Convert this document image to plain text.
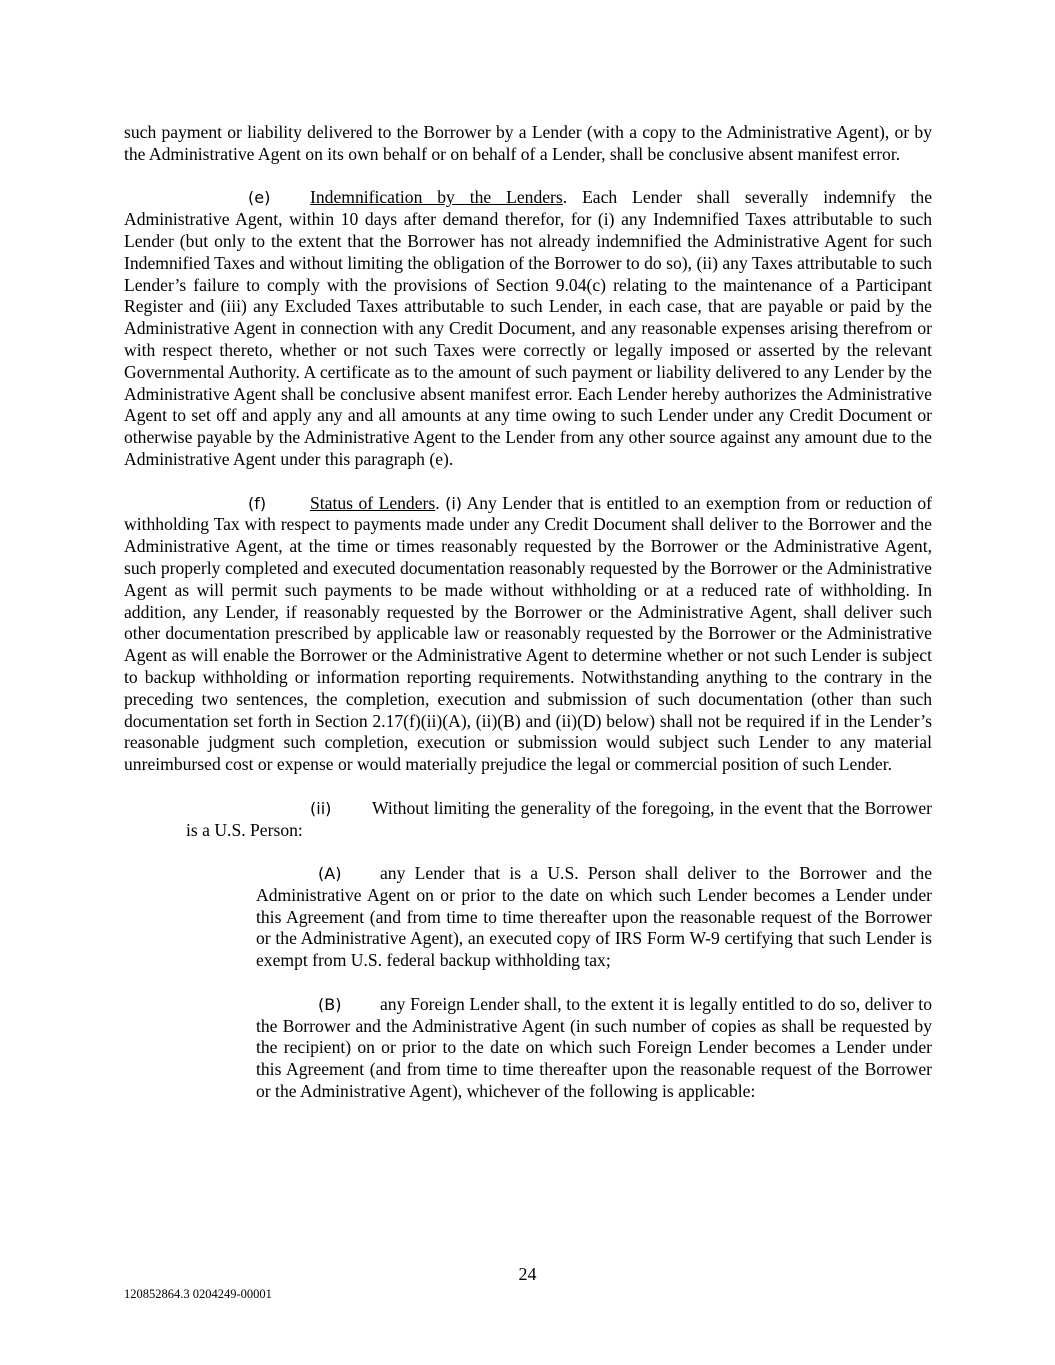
such payment or liability delivered to the Borrower by a Lender (with a copy to the Administrative Agent), or by the Administrative Agent on its own behalf or on behalf of a Lender, shall be conclusive absent manifest error.

(e) Indemnification by the Lenders. Each Lender shall severally indemnify the Administrative Agent, within 10 days after demand therefor, for (i) any Indemnified Taxes attributable to such Lender (but only to the extent that the Borrower has not already indemnified the Administrative Agent for such Indemnified Taxes and without limiting the obligation of the Borrower to do so), (ii) any Taxes attributable to such Lender’s failure to comply with the provisions of Section 9.04(c) relating to the maintenance of a Participant Register and (iii) any Excluded Taxes attributable to such Lender, in each case, that are payable or paid by the Administrative Agent in connection with any Credit Document, and any reasonable expenses arising therefrom or with respect thereto, whether or not such Taxes were correctly or legally imposed or asserted by the relevant Governmental Authority. A certificate as to the amount of such payment or liability delivered to any Lender by the Administrative Agent shall be conclusive absent manifest error. Each Lender hereby authorizes the Administrative Agent to set off and apply any and all amounts at any time owing to such Lender under any Credit Document or otherwise payable by the Administrative Agent to the Lender from any other source against any amount due to the Administrative Agent under this paragraph (e).

(f) Status of Lenders. (i) Any Lender that is entitled to an exemption from or reduction of withholding Tax with respect to payments made under any Credit Document shall deliver to the Borrower and the Administrative Agent, at the time or times reasonably requested by the Borrower or the Administrative Agent, such properly completed and executed documentation reasonably requested by the Borrower or the Administrative Agent as will permit such payments to be made without withholding or at a reduced rate of withholding. In addition, any Lender, if reasonably requested by the Borrower or the Administrative Agent, shall deliver such other documentation prescribed by applicable law or reasonably requested by the Borrower or the Administrative Agent as will enable the Borrower or the Administrative Agent to determine whether or not such Lender is subject to backup withholding or information reporting requirements. Notwithstanding anything to the contrary in the preceding two sentences, the completion, execution and submission of such documentation (other than such documentation set forth in Section 2.17(f)(ii)(A), (ii)(B) and (ii)(D) below) shall not be required if in the Lender’s reasonable judgment such completion, execution or submission would subject such Lender to any material unreimbursed cost or expense or would materially prejudice the legal or commercial position of such Lender.

(ii) Without limiting the generality of the foregoing, in the event that the Borrower is a U.S. Person:

(A) any Lender that is a U.S. Person shall deliver to the Borrower and the Administrative Agent on or prior to the date on which such Lender becomes a Lender under this Agreement (and from time to time thereafter upon the reasonable request of the Borrower or the Administrative Agent), an executed copy of IRS Form W-9 certifying that such Lender is exempt from U.S. federal backup withholding tax;

(B) any Foreign Lender shall, to the extent it is legally entitled to do so, deliver to the Borrower and the Administrative Agent (in such number of copies as shall be requested by the recipient) on or prior to the date on which such Foreign Lender becomes a Lender under this Agreement (and from time to time thereafter upon the reasonable request of the Borrower or the Administrative Agent), whichever of the following is applicable:

24
120852864.3 0204249-00001
